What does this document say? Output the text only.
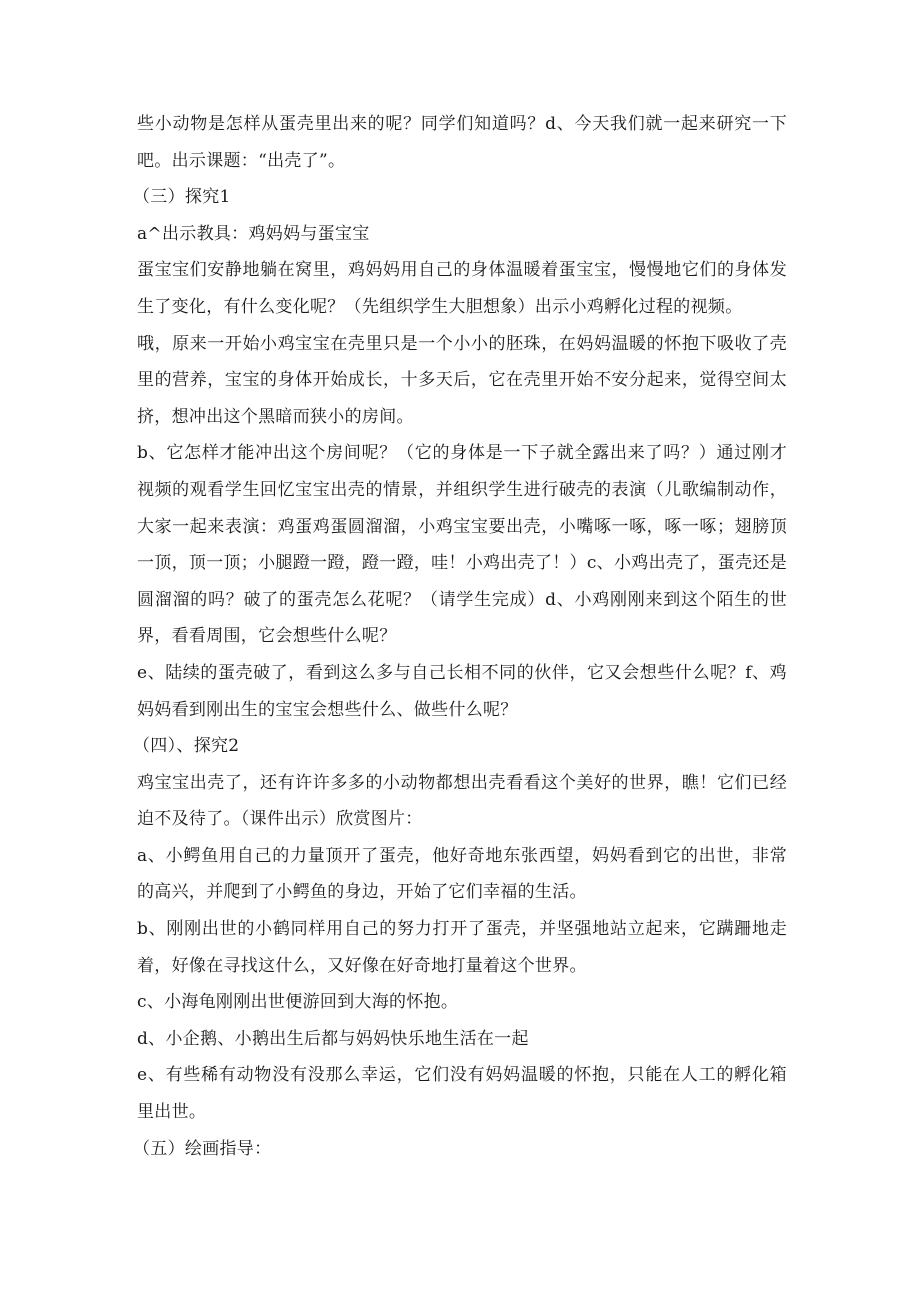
些小动物是怎样从蛋壳里出来的呢？同学们知道吗？d、今天我们就一起来研究一下吧。出示课题：“出壳了”。

（三）探究1

a^出示教具：鸡妈妈与蛋宝宝

蛋宝宝们安静地躺在窝里，鸡妈妈用自己的身体温暖着蛋宝宝，慢慢地它们的身体发生了变化，有什么变化呢？（先组织学生大胆想象）出示小鸡孵化过程的视频。

哦，原来一开始小鸡宝宝在壳里只是一个小小的胚珠，在妈妈温暖的怀抱下吸收了壳里的营养，宝宝的身体开始成长，十多天后，它在壳里开始不安分起来，觉得空间太挤，想冲出这个黑暗而狭小的房间。

b、它怎样才能冲出这个房间呢？（它的身体是一下子就全露出来了吗？）通过刚才视频的观看学生回忆宝宝出壳的情景，并组织学生进行破壳的表演（儿歌编制动作，大家一起来表演：鸡蛋鸡蛋圆溜溜，小鸡宝宝要出壳，小嘴啄一啄，啄一啄；翅膀顶一顶，顶一顶；小腿蹬一蹬，蹬一蹬，哇！小鸡出壳了！）c、小鸡出壳了，蛋壳还是圆溜溜的吗？破了的蛋壳怎么花呢？（请学生完成）d、小鸡刚刚来到这个陌生的世界，看看周围，它会想些什么呢？

e、陆续的蛋壳破了，看到这么多与自己长相不同的伙伴，它又会想些什么呢？f、鸡妈妈看到刚出生的宝宝会想些什么、做些什么呢？

（四）、探究2

鸡宝宝出壳了，还有许许多多的小动物都想出壳看看这个美好的世界，瞧！它们已经迫不及待了。（课件出示）欣赏图片：

a、小鳄鱼用自己的力量顶开了蛋壳，他好奇地东张西望，妈妈看到它的出世，非常的高兴，并爬到了小鳄鱼的身边，开始了它们幸福的生活。

b、刚刚出世的小鹤同样用自己的努力打开了蛋壳，并坚强地站立起来，它蹒跚地走着，好像在寻找这什么，又好像在好奇地打量着这个世界。

c、小海龟刚刚出世便游回到大海的怀抱。

d、小企鹅、小鹅出生后都与妈妈快乐地生活在一起

e、有些稀有动物没有没那么幸运，它们没有妈妈温暖的怀抱，只能在人工的孵化箱里出世。

（五）绘画指导：
